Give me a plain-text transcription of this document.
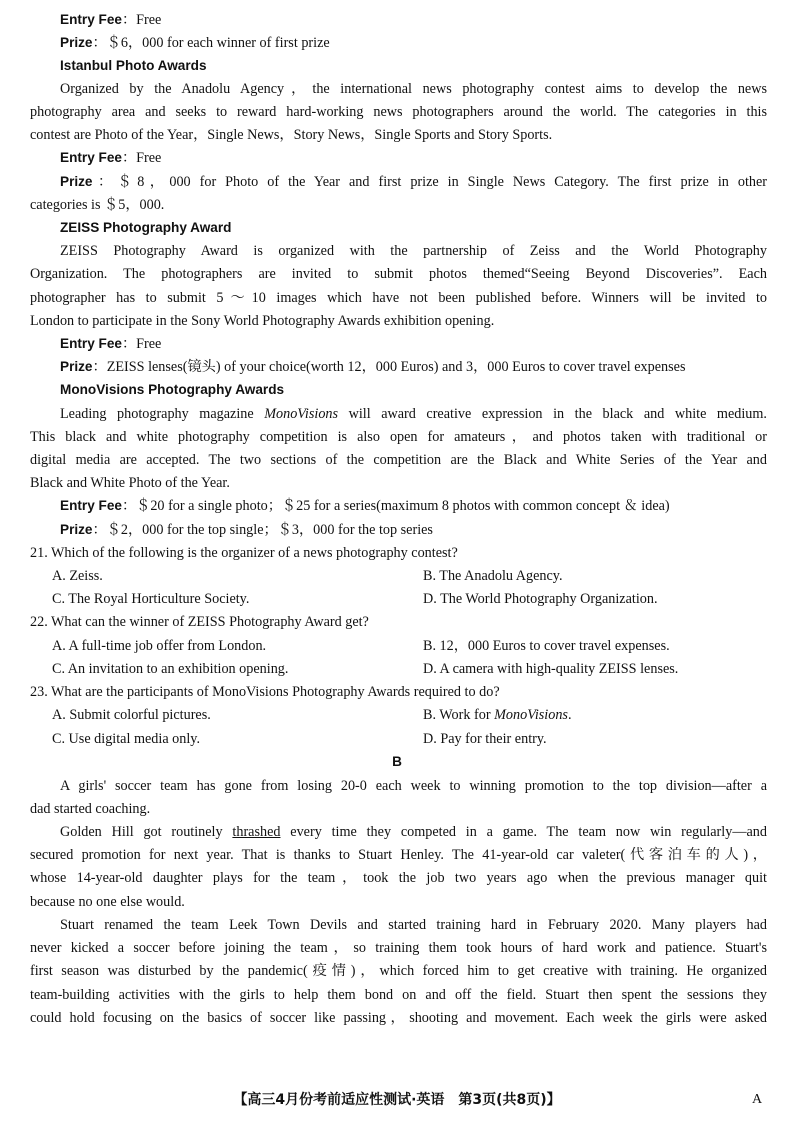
Entry Fee：Free
Prize：＄6，000 for each winner of first prize
Istanbul Photo Awards
Organized by the Anadolu Agency，the international news photography contest aims to develop the news
photography area and seeks to reward hard-working news photographers around the world. The categories in this
contest are Photo of the Year，Single News，Story News，Single Sports and Story Sports.
Entry Fee：Free
Prize：＄8，000 for Photo of the Year and first prize in Single News Category. The first prize in other
categories is ＄5，000.
ZEISS Photography Award
ZEISS Photography Award is organized with the partnership of Zeiss and the World Photography
Organization. The photographers are invited to submit photos themed“Seeing Beyond Discoveries”. Each
photographer has to submit 5～10 images which have not been published before. Winners will be invited to
London to participate in the Sony World Photography Awards exhibition opening.
Entry Fee：Free
Prize：ZEISS lenses(镜头) of your choice(worth 12，000 Euros) and 3，000 Euros to cover travel expenses
MonoVisions Photography Awards
Leading photography magazine MonoVisions will award creative expression in the black and white medium.
This black and white photography competition is also open for amateurs，and photos taken with traditional or
digital media are accepted. The two sections of the competition are the Black and White Series of the Year and
Black and White Photo of the Year.
Entry Fee：＄20 for a single photo；＄25 for a series(maximum 8 photos with common concept ＆ idea)
Prize：＄2，000 for the top single；＄3，000 for the top series
21. Which of the following is the organizer of a news photography contest?
A. Zeiss.	B. The Anadolu Agency.
C. The Royal Horticulture Society.	D. The World Photography Organization.
22. What can the winner of ZEISS Photography Award get?
A. A full-time job offer from London.	B. 12，000 Euros to cover travel expenses.
C. An invitation to an exhibition opening.	D. A camera with high-quality ZEISS lenses.
23. What are the participants of MonoVisions Photography Awards required to do?
A. Submit colorful pictures.	B. Work for MonoVisions.
C. Use digital media only.	D. Pay for their entry.
B
A girls' soccer team has gone from losing 20-0 each week to winning promotion to the top division—after a
dad started coaching.
Golden Hill got routinely thrashed every time they competed in a game. The team now win regularly—and
secured promotion for next year. That is thanks to Stuart Henley. The 41-year-old car valeter(代客泊车的人)，
whose 14-year-old daughter plays for the team，took the job two years ago when the previous manager quit
because no one else would.
Stuart renamed the team Leek Town Devils and started training hard in February 2020. Many players had
never kicked a soccer before joining the team，so training them took hours of hard work and patience. Stuart's
first season was disturbed by the pandemic(疫情)，which forced him to get creative with training. He organized
team-building activities with the girls to help them bond on and off the field. Stuart then spent the sessions they
could hold focusing on the basics of soccer like passing，shooting and movement. Each week the girls were asked
【高三4月份考前适应性测试·英语　第3页(共8页)】	A
